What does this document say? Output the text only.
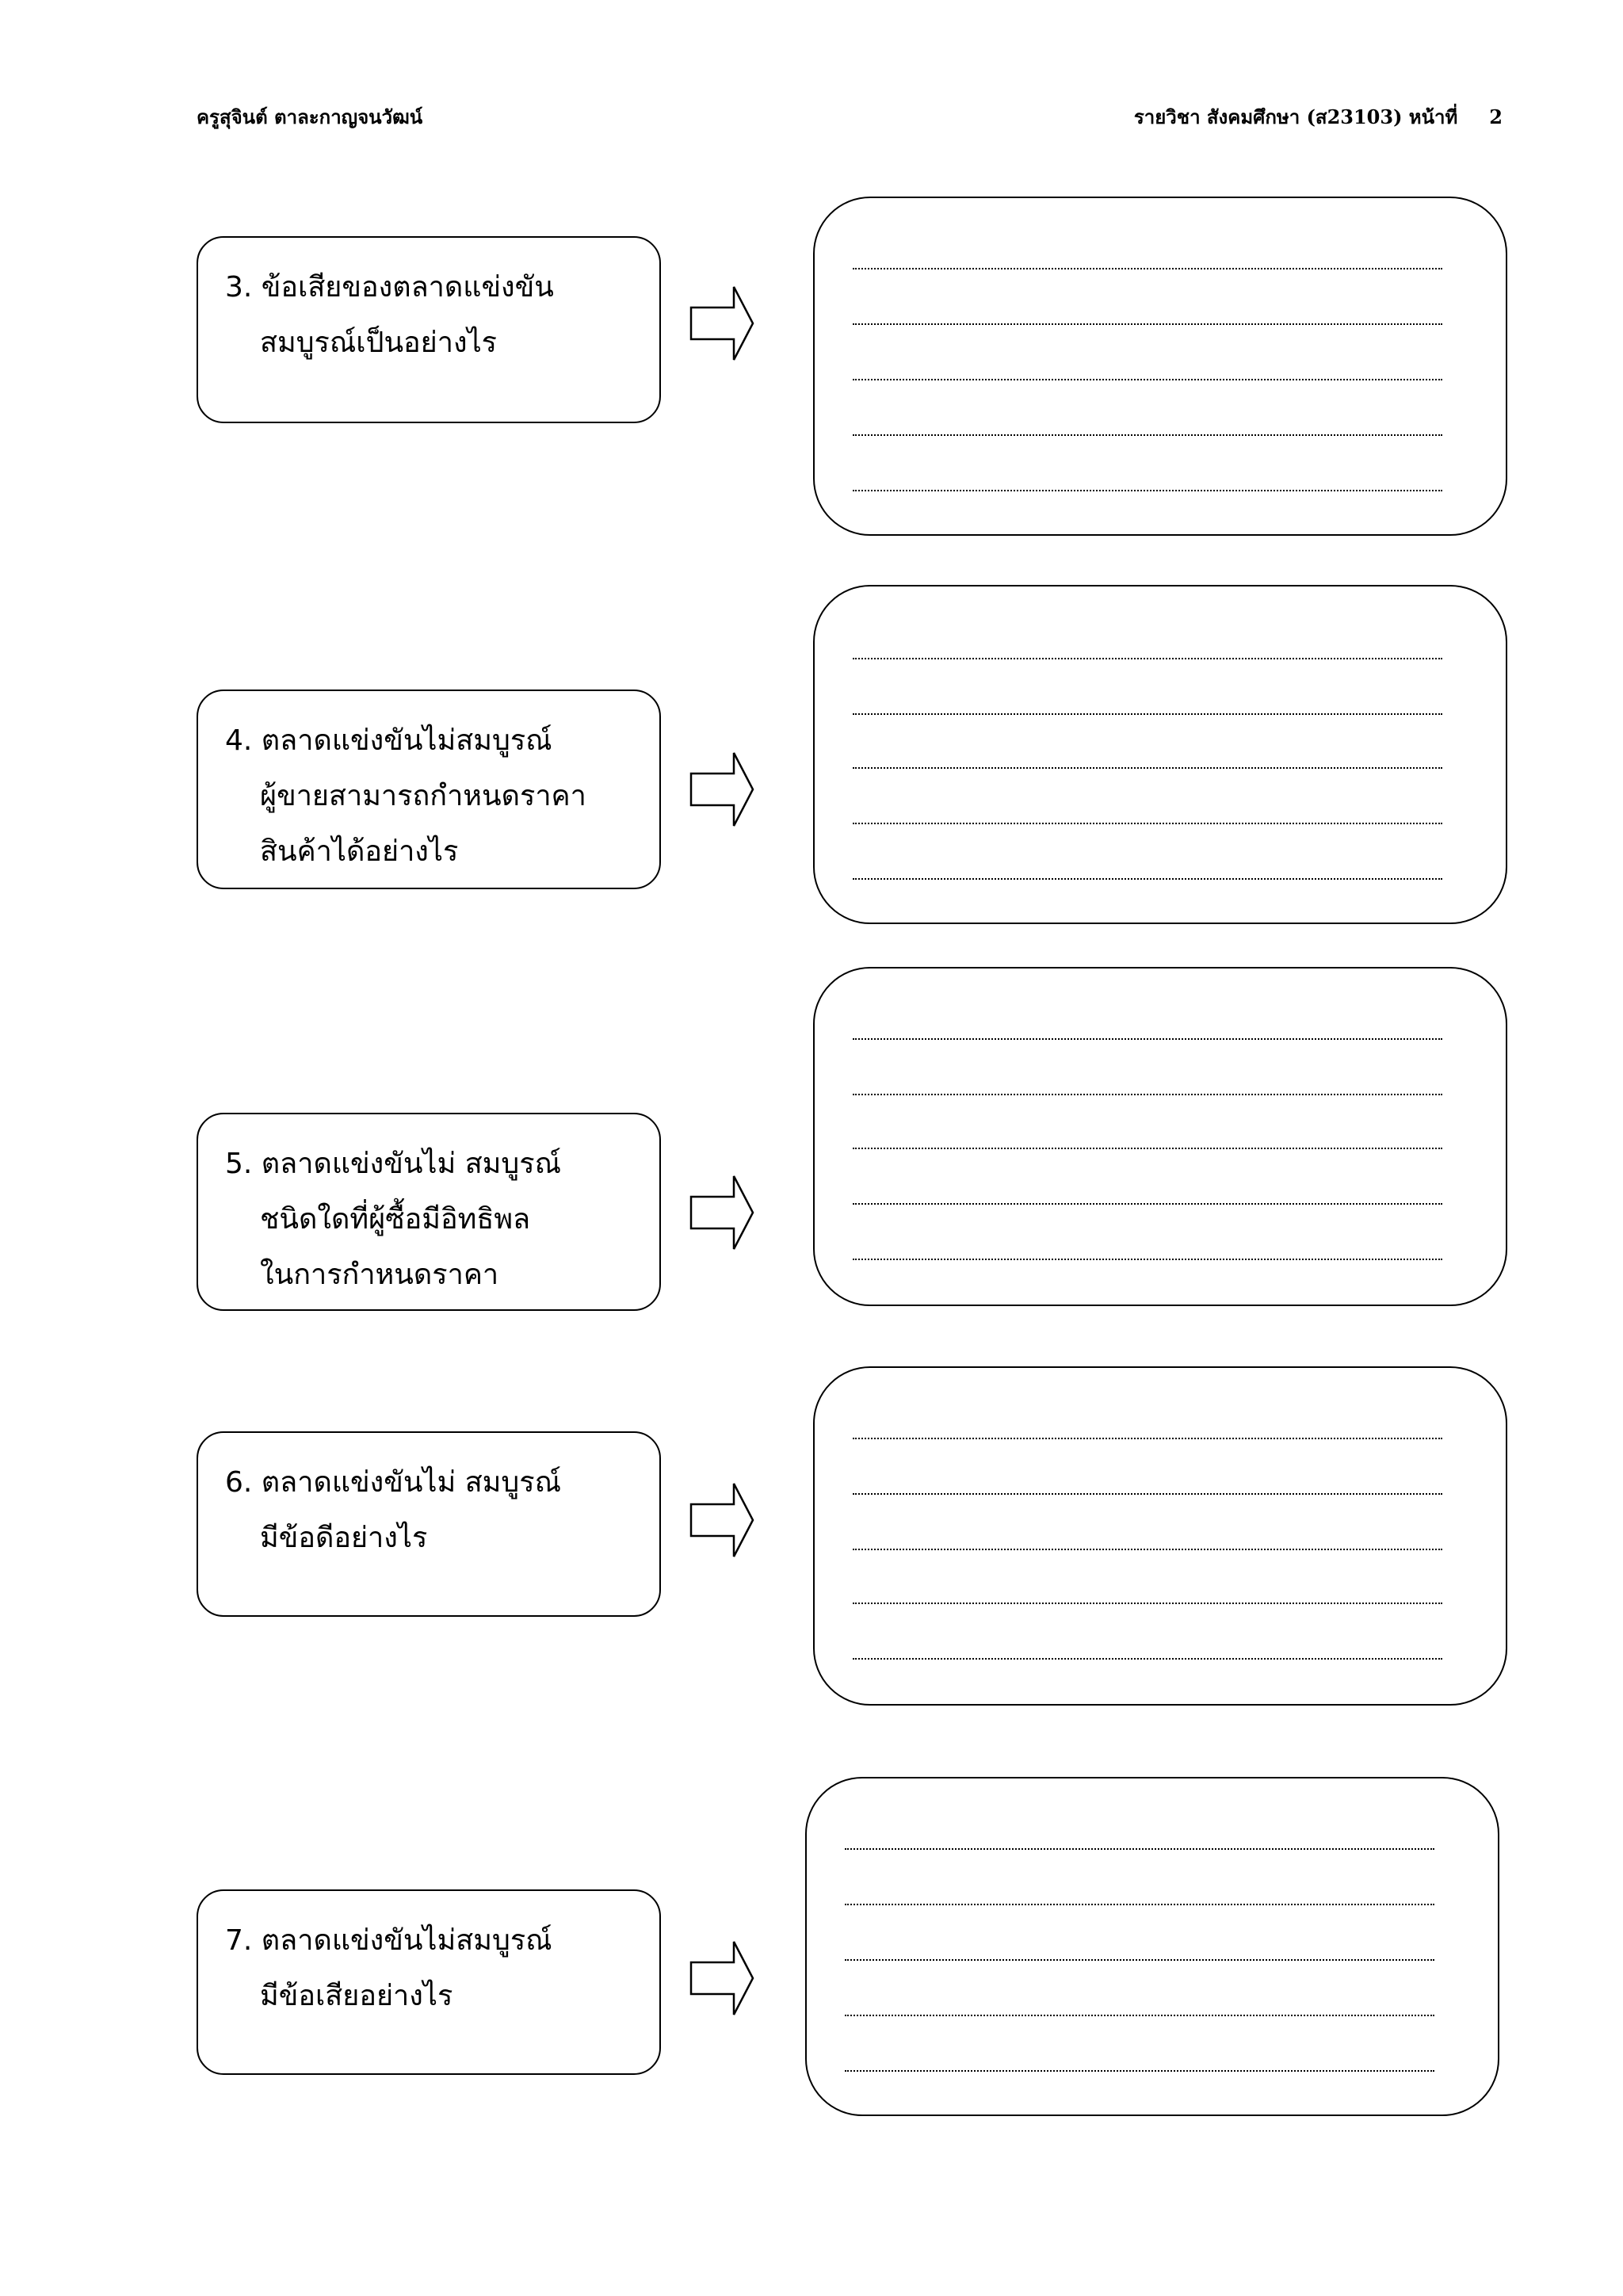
ครูสุจินต์ ตาละกาญจนวัฒน์	รายวิชา สังคมศึกษา (ส23103) หน้าที่ 2
3. ข้อเสียของตลาดแข่งขัน
สมบูรณ์เป็นอย่างไร
4. ตลาดแข่งขันไม่สมบูรณ์
ผู้ขายสามารถกำหนดราคา
สินค้าได้อย่างไร
5. ตลาดแข่งขันไม่ สมบูรณ์
ชนิดใดที่ผู้ซื้อมีอิทธิพล
ในการกำหนดราคา
6. ตลาดแข่งขันไม่ สมบูรณ์
มีข้อดีอย่างไร
7. ตลาดแข่งขันไม่สมบูรณ์
มีข้อเสียอย่างไร
